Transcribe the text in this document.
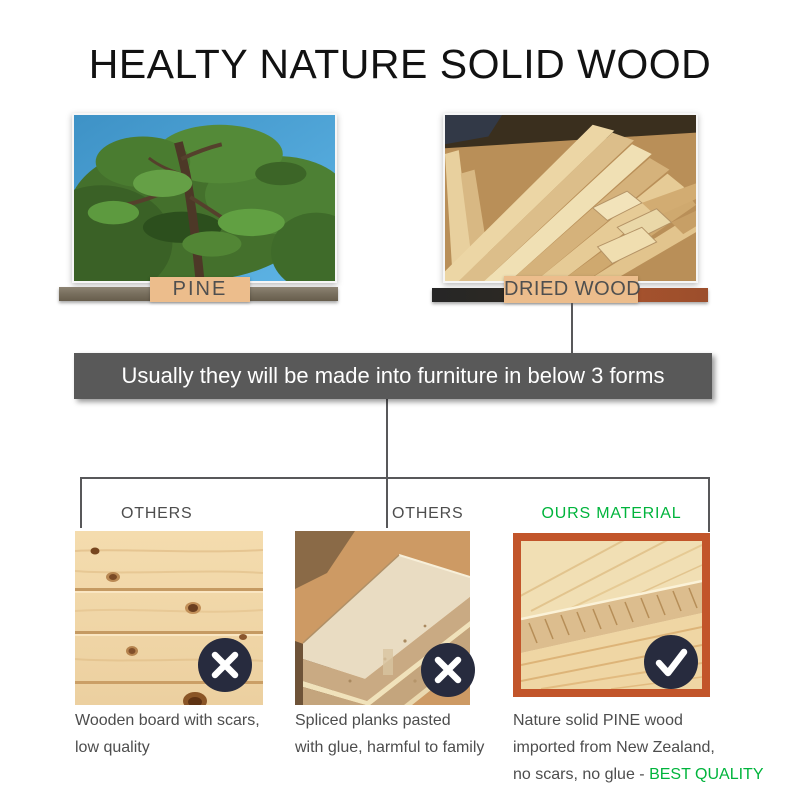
HEALTY NATURE SOLID WOOD
PINE	DRIED WOOD
Usually they will be made into furniture in below 3 forms
OTHERS	OTHERS	OURS MATERIAL
Wooden board with scars,
low quality
Spliced planks pasted
with glue, harmful to family
Nature solid PINE wood
imported from New Zealand,
no scars, no glue - BEST QUALITY
